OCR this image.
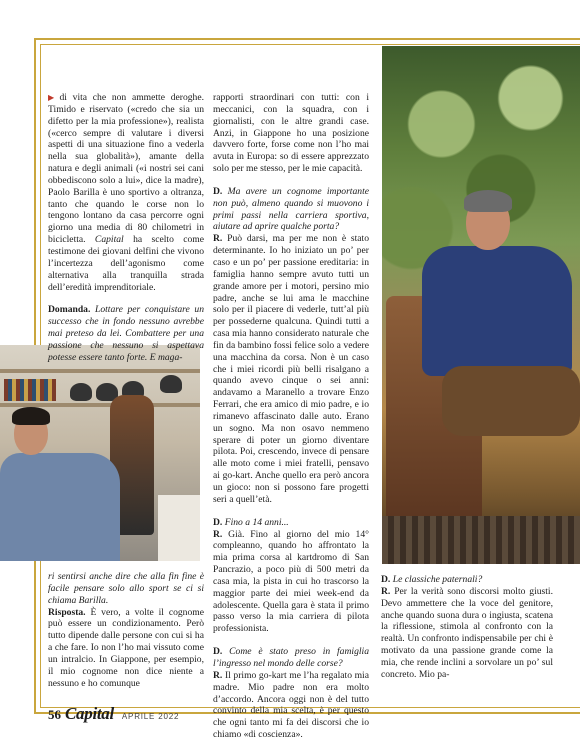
▶ di vita che non ammette deroghe. Timido e riservato («credo che sia un difetto per la mia professione»), realista («cerco sempre di valutare i diversi aspetti di una situazione fino a vederla nella sua globalità»), amante della natura e degli animali («i nostri sei cani obbediscono solo a lui», dice la madre), Paolo Barilla è uno sportivo a oltranza, tanto che quando le corse non lo tengono lontano da casa percorre ogni giorno una media di 80 chilometri in bicicletta. Capital ha scelto come testimone dei giovani delfini che vivono l’incertezza dell’agonismo come alternativa alla tranquilla strada dell’eredità imprenditoriale.

Domanda. Lottare per conquistare un successo che in fondo nessuno avrebbe mai preteso da lei. Combattere per una passione che nessuno si aspettava potesse essere tanto forte. E maga-

ri sentirsi anche dire che alla fin fine è facile pensare solo allo sport se ci si chiama Barilla.

Risposta. È vero, a volte il cognome può essere un condizionamento. Però tutto dipende dalle persone con cui si ha a che fare. Io non l’ho mai vissuto come un intralcio. In Giappone, per esempio, il mio cognome non dice niente a nessuno e ho comunque

rapporti straordinari con tutti: con i meccanici, con la squadra, con i giornalisti, con le altre grandi case. Anzi, in Giappone ho una posizione davvero forte, forse come non l’ho mai avuta in Europa: so di essere apprezzato solo per me stesso, per le mie capacità.

D. Ma avere un cognome importante non può, almeno quando si muovono i primi passi nella carriera sportiva, aiutare ad aprire qualche porta?

R. Può darsi, ma per me non è stato determinante. Io ho iniziato un po’ per caso e un po’ per passione ereditaria: in famiglia hanno sempre avuto tutti un grande amore per i motori, persino mio padre, anche se lui ama le macchine solo per il piacere di vederle, tutt’al più per possederne qualcuna. Quindi tutti a casa mia hanno considerato naturale che fin da bambino fossi felice solo a vedere una macchina da corsa. Non è un caso che i miei ricordi più belli risalgano a quando avevo cinque o sei anni: andavamo a Maranello a trovare Enzo Ferrari, che era amico di mio padre, e io rimanevo affascinato dalle auto. Erano un sogno. Ma non osavo nemmeno sperare di poter un giorno diventare pilota. Poi, crescendo, invece di pensare alle moto come i miei fratelli, pensavo ai go-kart. Anche quello era però ancora un gioco: non si possono fare progetti seri a quell’età.

D. Fino a 14 anni...

R. Già. Fino al giorno del mio 14° compleanno, quando ho affrontato la mia prima corsa al kartdromo di San Pancrazio, a poco più di 500 metri da casa mia, la pista in cui ho trascorso la maggior parte dei miei week-end da adolescente. Quella gara è stata il primo passo verso la mia carriera di pilota professionista.

D. Come è stato preso in famiglia l’ingresso nel mondo delle corse?

R. Il primo go-kart me l’ha regalato mia madre. Mio padre non era molto d’accordo. Ancora oggi non è del tutto convinto della mia scelta, è per questo che ogni tanto mi fa dei discorsi che io chiamo «di coscienza».

D. Le classiche paternali?

R. Per la verità sono discorsi molto giusti. Devo ammettere che la voce del genitore, anche quando suona dura o ingiusta, scatena la riflessione, stimola al confronto con la realtà. Un confronto indispensabile per chi è motivato da una passione grande come la mia, che rende inclini a sorvolare un po’ sul concreto. Mio pa-

56 Capital APRILE 2022
